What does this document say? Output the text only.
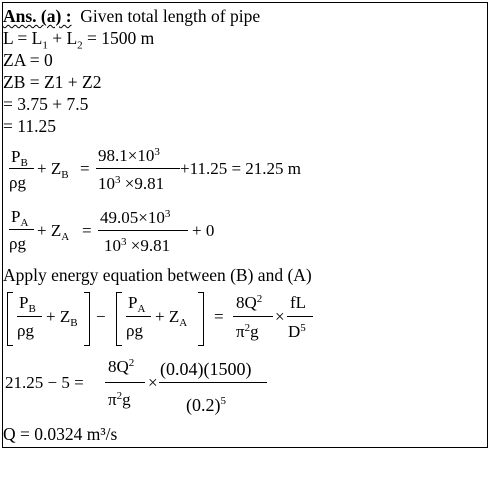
Ans. (a) : Given total length of pipe
$L = L_1 + L_2 = 1500$ m
ZA = 0
ZB = Z1 + Z2
= 3.75 + 7.5
= 11.25
$P_B$
ρg
+ $Z_B$ =
$98.1\times 10^3$
$10^3 \times 9.81$
+11.25 = 21.25 m
$P_A$
ρg
+ $Z_A$ =
$49.05\times 10^3$
$10^3 \times 9.81$
+ 0
Apply energy equation between (B) and (A)
$P_B$
ρg
+ $Z_B$ −
$P_A$
ρg
+ $Z_A$ =
$8Q^2$
$\pi^2g$
×
fL
$D^5$
21.25 − 5 =
$8Q^2$
$\pi^2g$
×
(0.04)(1500)
$(0.2)^5$
Q = 0.0324 m³/s
